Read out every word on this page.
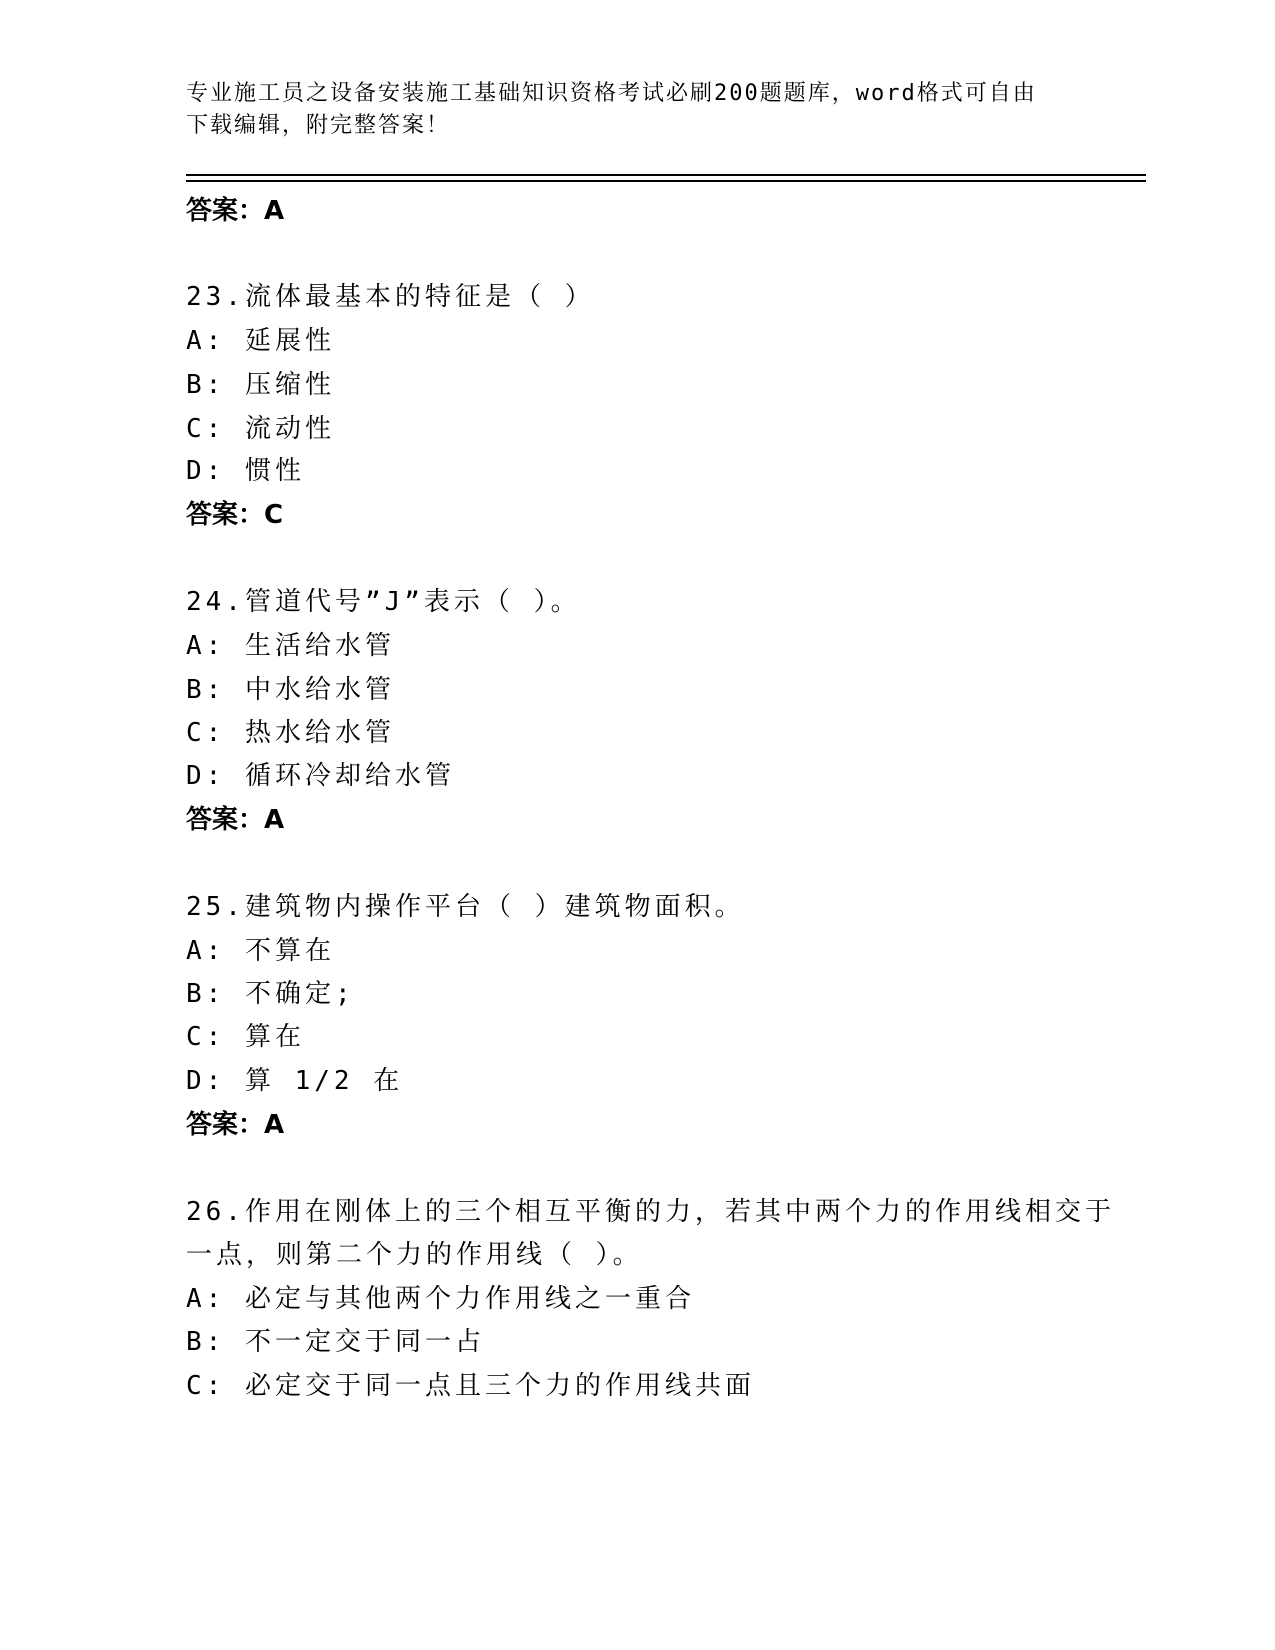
专业施工员之设备安装施工基础知识资格考试必刷200题题库，word格式可自由
下载编辑，附完整答案！
答案：A
23.流体最基本的特征是（ ）
A: 延展性
B: 压缩性
C: 流动性
D: 惯性
答案：C
24.管道代号”J”表示（ ）。
A: 生活给水管
B: 中水给水管
C: 热水给水管
D: 循环冷却给水管
答案：A
25.建筑物内操作平台（ ）建筑物面积。
A: 不算在
B: 不确定;
C: 算在
D: 算 1/2 在
答案：A
26.作用在刚体上的三个相互平衡的力，若其中两个力的作用线相交于
一点，则第二个力的作用线（ ）。
A: 必定与其他两个力作用线之一重合
B: 不一定交于同一占
C: 必定交于同一点且三个力的作用线共面
